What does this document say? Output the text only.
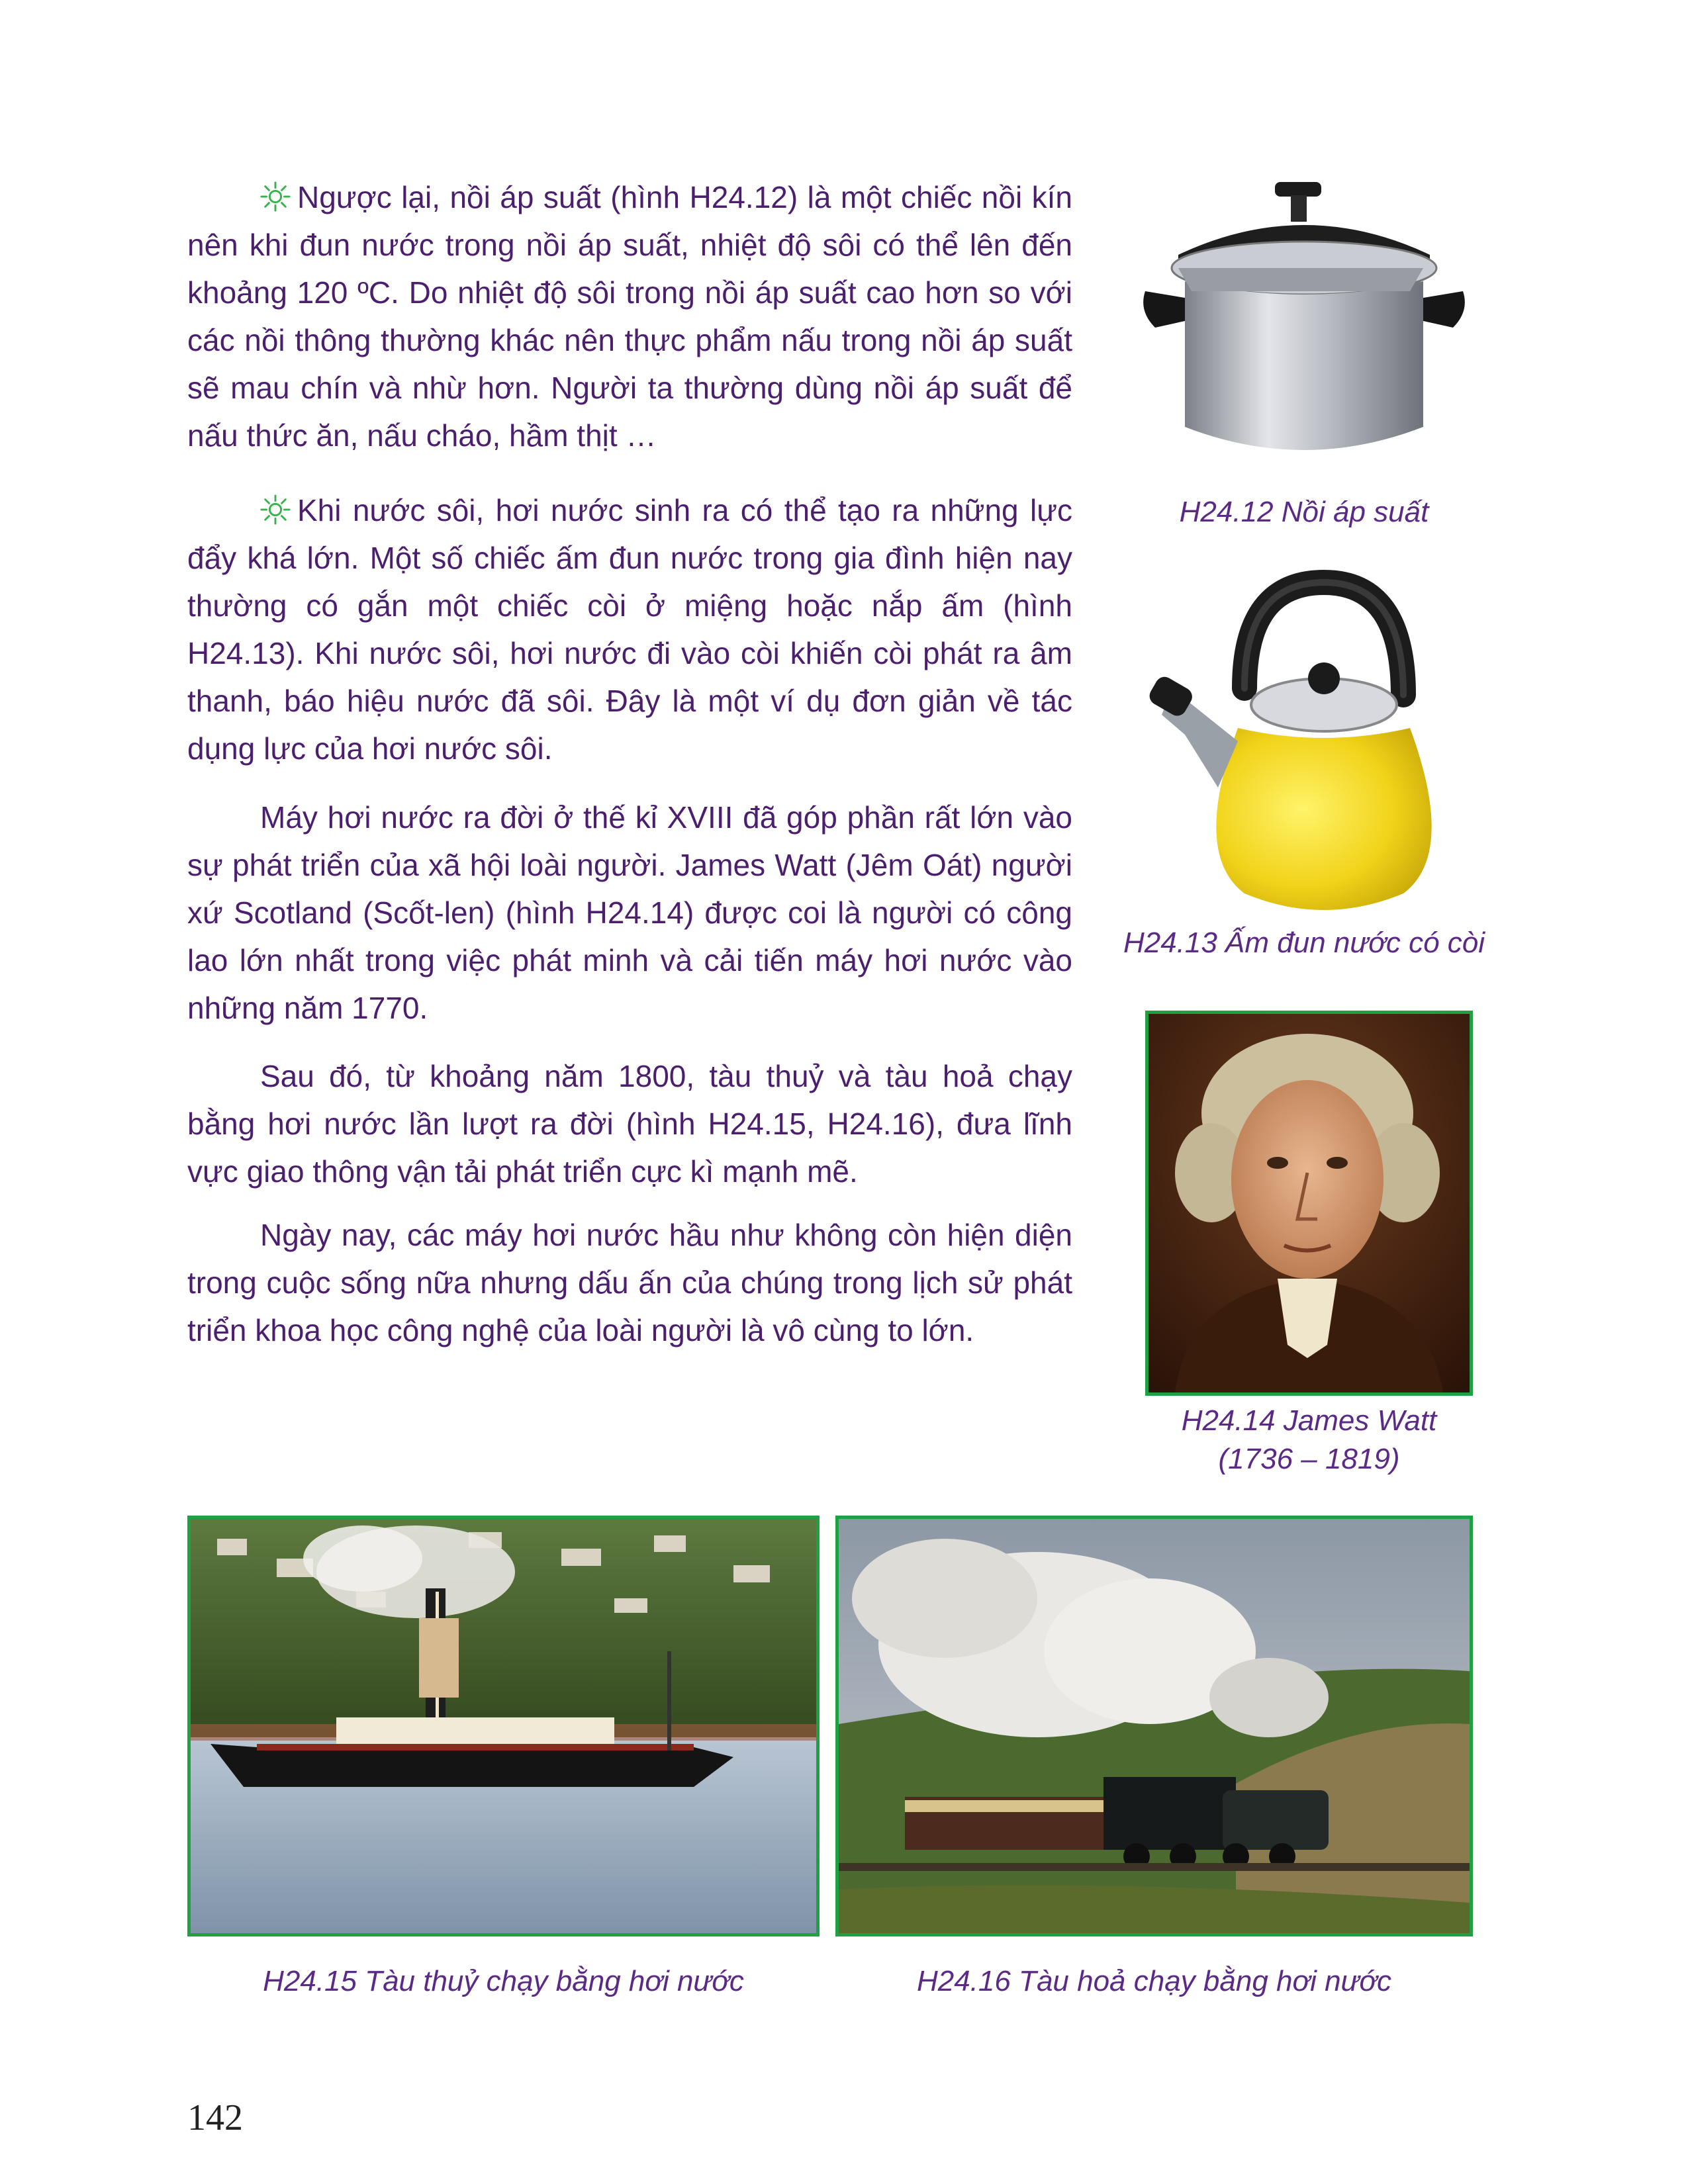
Ngược lại, nồi áp suất (hình H24.12) là một chiếc nồi kín nên khi đun nước trong nồi áp suất, nhiệt độ sôi có thể lên đến khoảng 120 ºC. Do nhiệt độ sôi trong nồi áp suất cao hơn so với các nồi thông thường khác nên thực phẩm nấu trong nồi áp suất sẽ mau chín và nhừ hơn. Người ta thường dùng nồi áp suất để nấu thức ăn, nấu cháo, hầm thịt …

Khi nước sôi, hơi nước sinh ra có thể tạo ra những lực đẩy khá lớn. Một số chiếc ấm đun nước trong gia đình hiện nay thường có gắn một chiếc còi ở miệng hoặc nắp ấm (hình H24.13). Khi nước sôi, hơi nước đi vào còi khiến còi phát ra âm thanh, báo hiệu nước đã sôi. Đây là một ví dụ đơn giản về tác dụng lực của hơi nước sôi.

Máy hơi nước ra đời ở thế kỉ XVIII đã góp phần rất lớn vào sự phát triển của xã hội loài người. James Watt (Jêm Oát) người xứ Scotland (Scốt-len) (hình H24.14) được coi là người có công lao lớn nhất trong việc phát minh và cải tiến máy hơi nước vào những năm 1770.

Sau đó, từ khoảng năm 1800, tàu thuỷ và tàu hoả chạy bằng hơi nước lần lượt ra đời (hình H24.15, H24.16), đưa lĩnh vực giao thông vận tải phát triển cực kì mạnh mẽ.

Ngày nay, các máy hơi nước hầu như không còn hiện diện trong cuộc sống nữa nhưng dấu ấn của chúng trong lịch sử phát triển khoa học công nghệ của loài người là vô cùng to lớn.

H24.12 Nồi áp suất
H24.13 Ấm đun nước có còi
H24.14 James Watt
(1736 – 1819)
H24.15 Tàu thuỷ chạy bằng hơi nước	H24.16 Tàu hoả chạy bằng hơi nước
142
